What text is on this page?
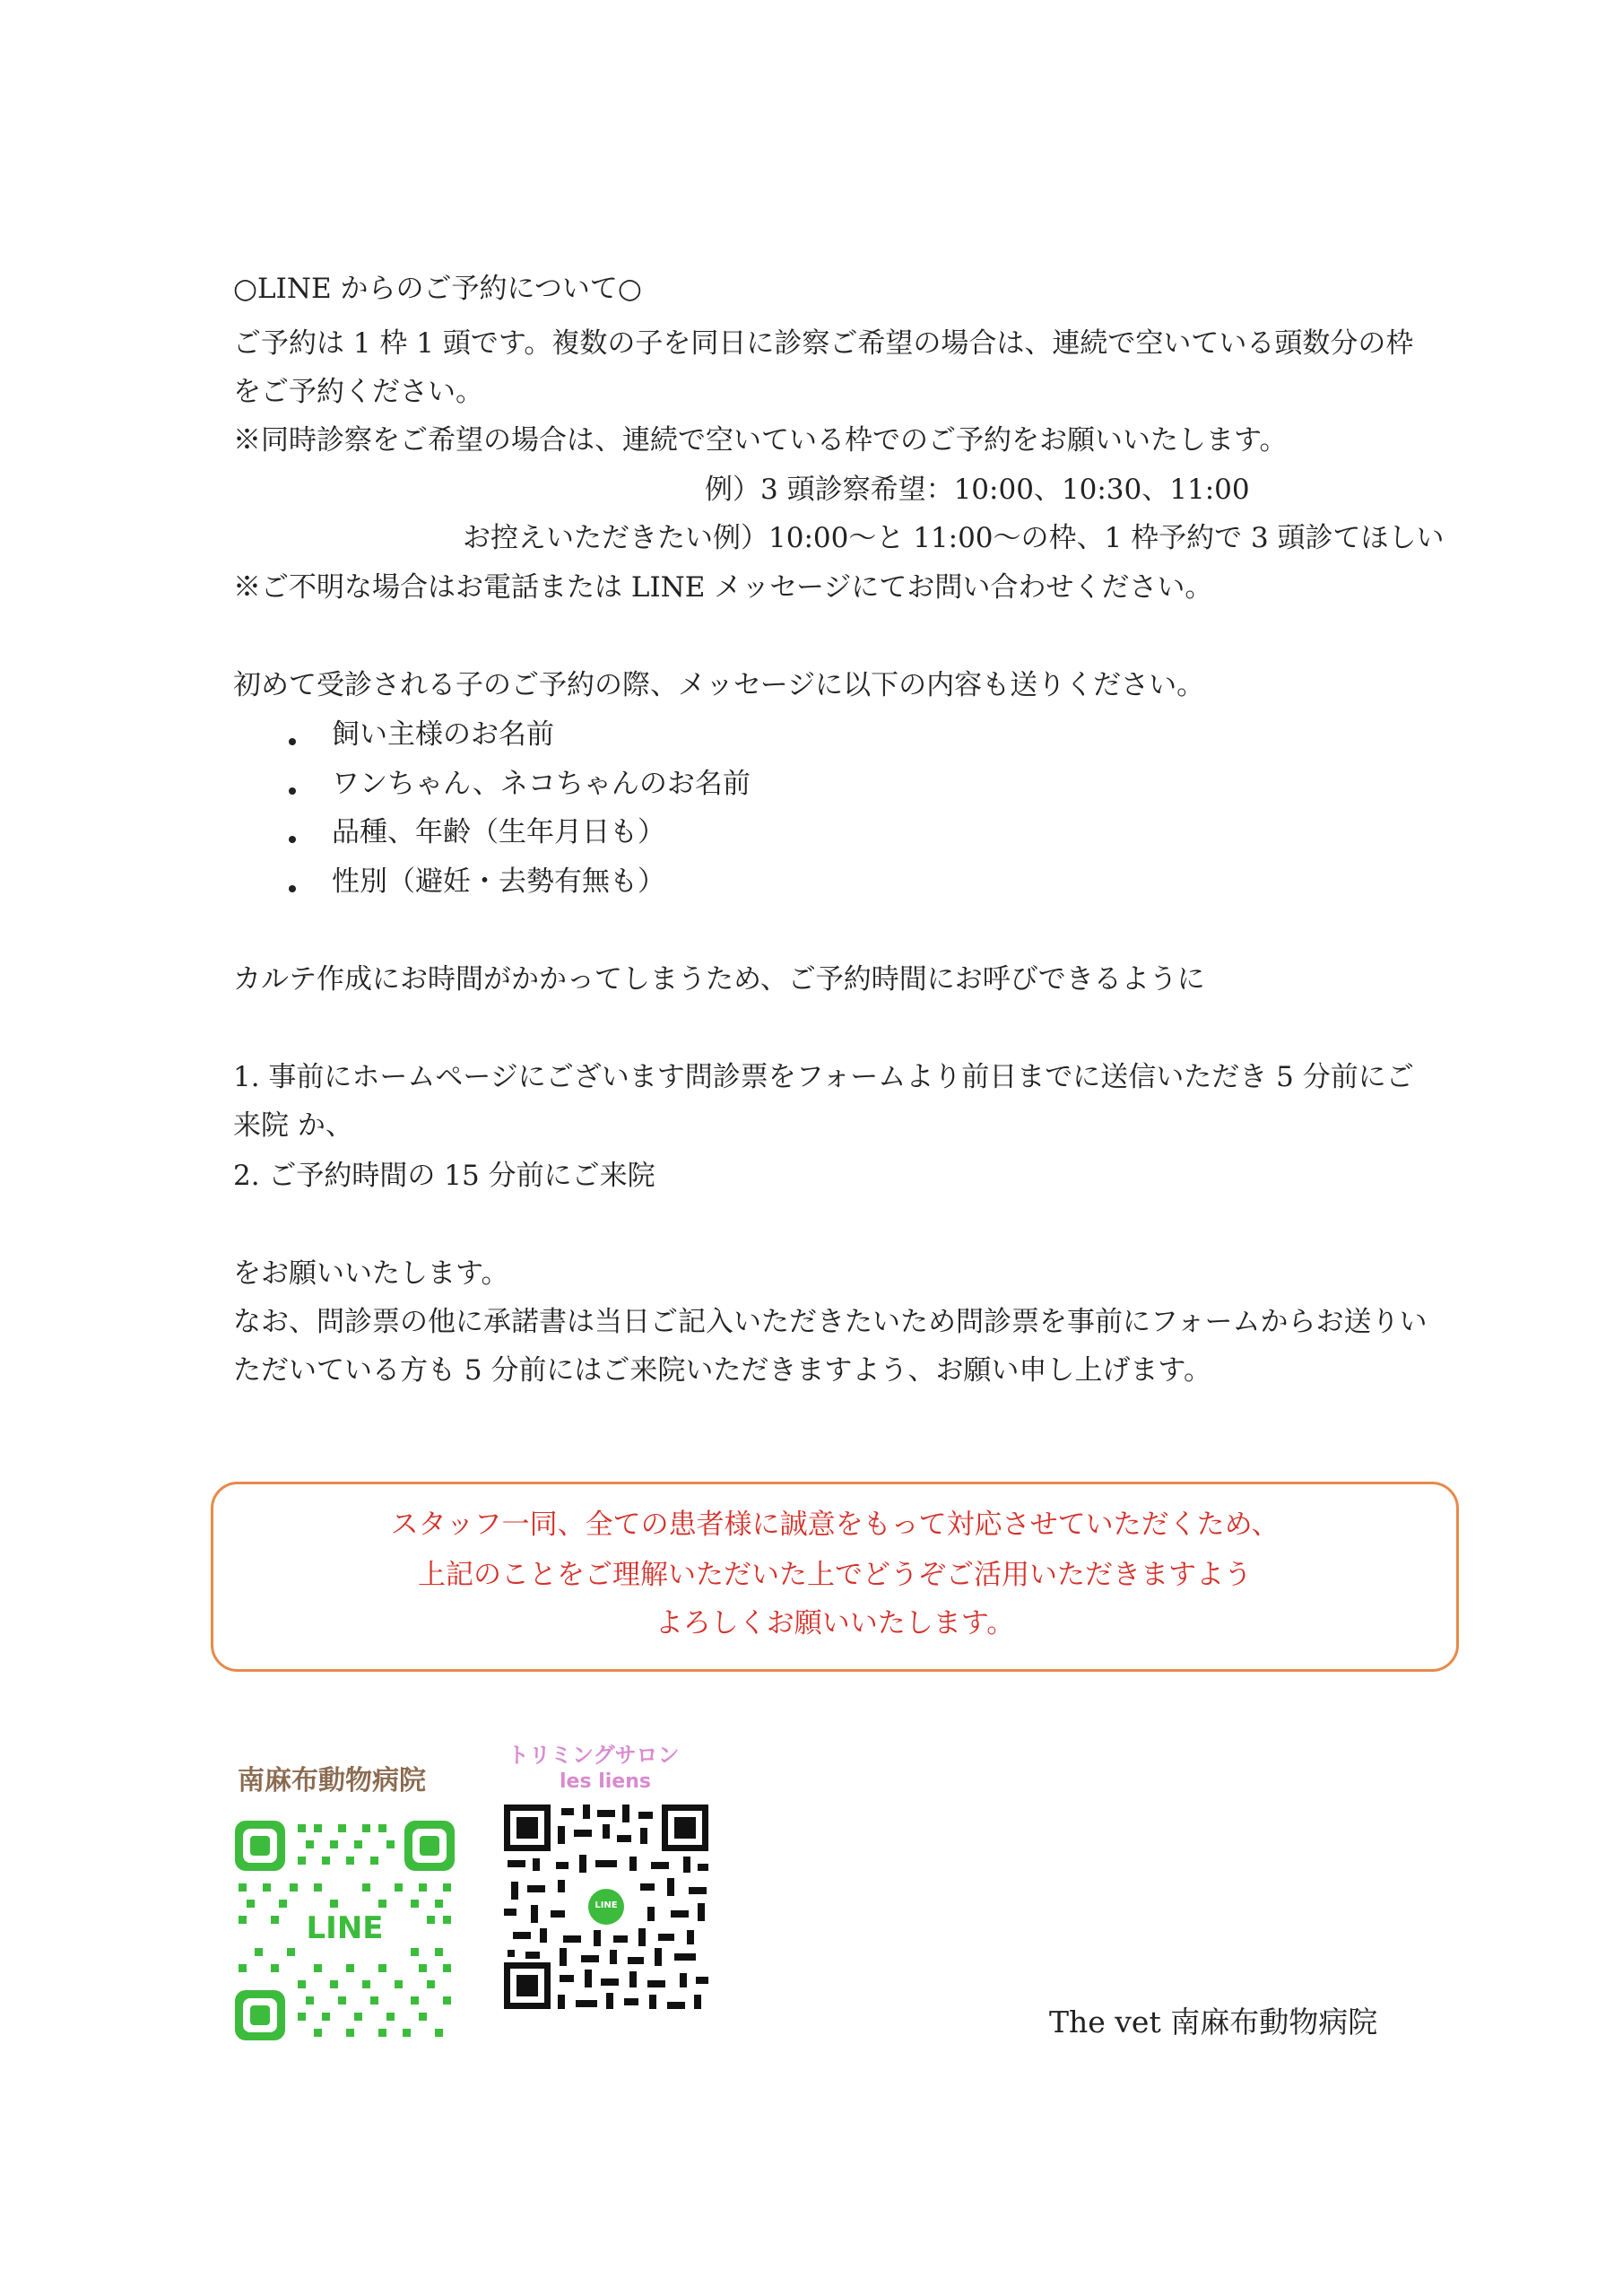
○LINE からのご予約について○
ご予約は 1 枠 1 頭です。複数の子を同日に診察ご希望の場合は、連続で空いている頭数分の枠
をご予約ください。
※同時診察をご希望の場合は、連続で空いている枠でのご予約をお願いいたします。
例）3 頭診察希望：10:00、10:30、11:00
お控えいただきたい例）10:00～と 11:00～の枠、1 枠予約で 3 頭診てほしい
※ご不明な場合はお電話または LINE メッセージにてお問い合わせください。
初めて受診される子のご予約の際、メッセージに以下の内容も送りください。
飼い主様のお名前
ワンちゃん、ネコちゃんのお名前
品種、年齢（生年月日も）
性別（避妊・去勢有無も）
カルテ作成にお時間がかかってしまうため、ご予約時間にお呼びできるように
1. 事前にホームページにございます問診票をフォームより前日までに送信いただき 5 分前にご
来院 か、
2. ご予約時間の 15 分前にご来院
をお願いいたします。
なお、問診票の他に承諾書は当日ご記入いただきたいため問診票を事前にフォームからお送りい
ただいている方も 5 分前にはご来院いただきますよう、お願い申し上げます。
スタッフ一同、全ての患者様に誠意をもって対応させていただくため、
上記のことをご理解いただいた上でどうぞご活用いただきますよう
よろしくお願いいたします。
南麻布動物病院
LINE
トリミングサロン
les liens
LINE
The vet 南麻布動物病院
